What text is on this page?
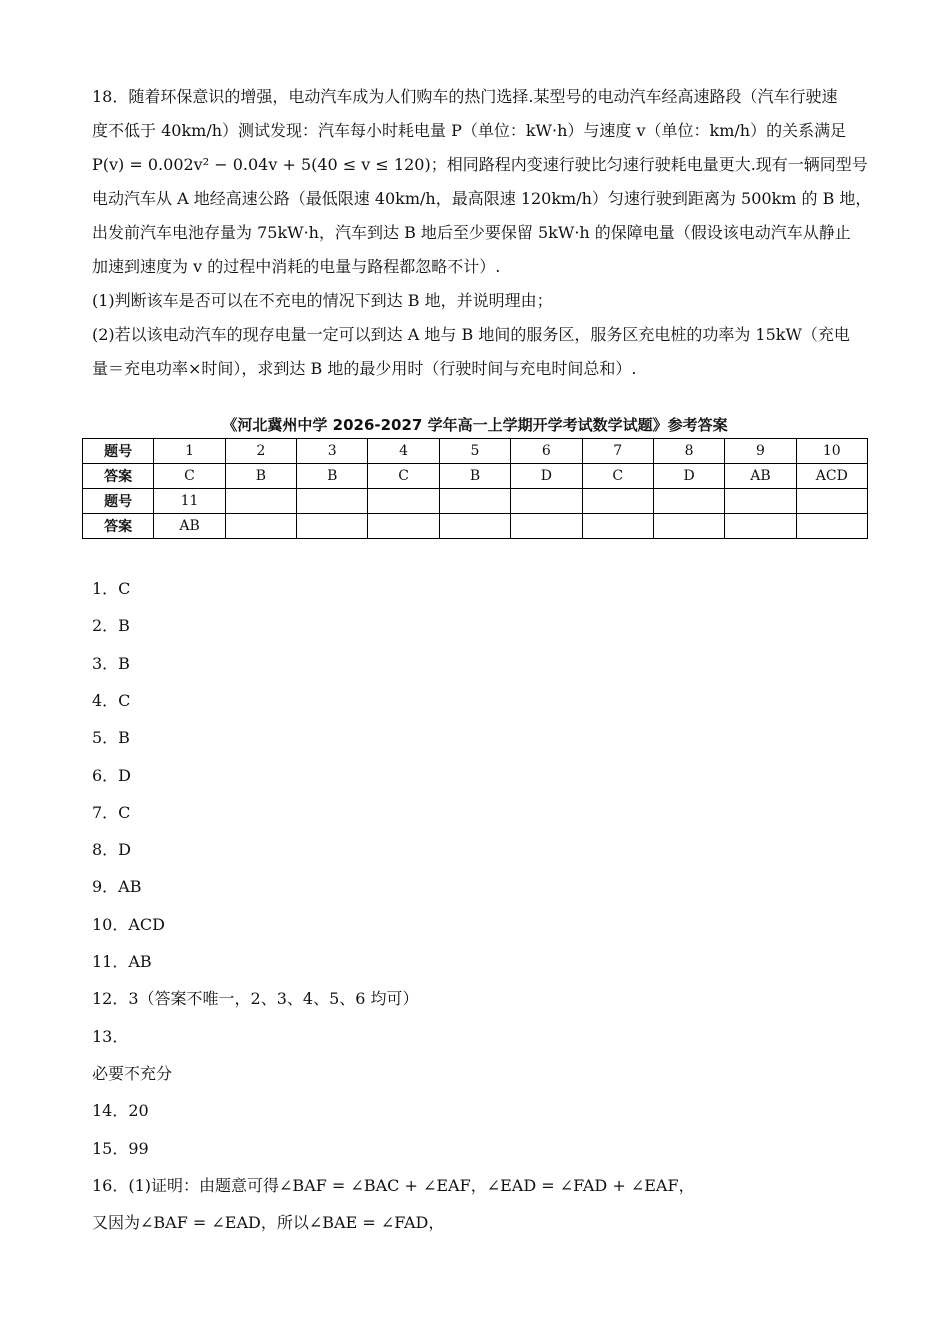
18．随着环保意识的增强，电动汽车成为人们购车的热门选择.某型号的电动汽车经高速路段（汽车行驶速

度不低于 40km/h）测试发现：汽车每小时耗电量 P（单位：kW·h）与速度 v（单位：km/h）的关系满足

P(v) = 0.002v² − 0.04v + 5(40 ≤ v ≤ 120)；相同路程内变速行驶比匀速行驶耗电量更大.现有一辆同型号

电动汽车从 A 地经高速公路（最低限速 40km/h，最高限速 120km/h）匀速行驶到距离为 500km 的 B 地，

出发前汽车电池存量为 75kW·h，汽车到达 B 地后至少要保留 5kW·h 的保障电量（假设该电动汽车从静止

加速到速度为 v 的过程中消耗的电量与路程都忽略不计）.

(1)判断该车是否可以在不充电的情况下到达 B 地，并说明理由；

(2)若以该电动汽车的现存电量一定可以到达 A 地与 B 地间的服务区，服务区充电桩的功率为 15kW（充电

量＝充电功率×时间），求到达 B 地的最少用时（行驶时间与充电时间总和）.

《河北冀州中学 2026-2027 学年高一上学期开学考试数学试题》参考答案
题号	1	2	3	4	5	6	7	8	9	10
答案	C	B	B	C	B	D	C	D	AB	ACD
题号	11									
答案	AB									
1．C
2．B
3．B
4．C
5．B
6．D
7．C
8．D
9．AB
10．ACD
11．AB
12．3（答案不唯一，2、3、4、5、6 均可）
13．
必要不充分
14．20
15．99
16．(1)证明：由题意可得∠BAF = ∠BAC + ∠EAF，∠EAD = ∠FAD + ∠EAF，
又因为∠BAF = ∠EAD，所以∠BAE = ∠FAD，
